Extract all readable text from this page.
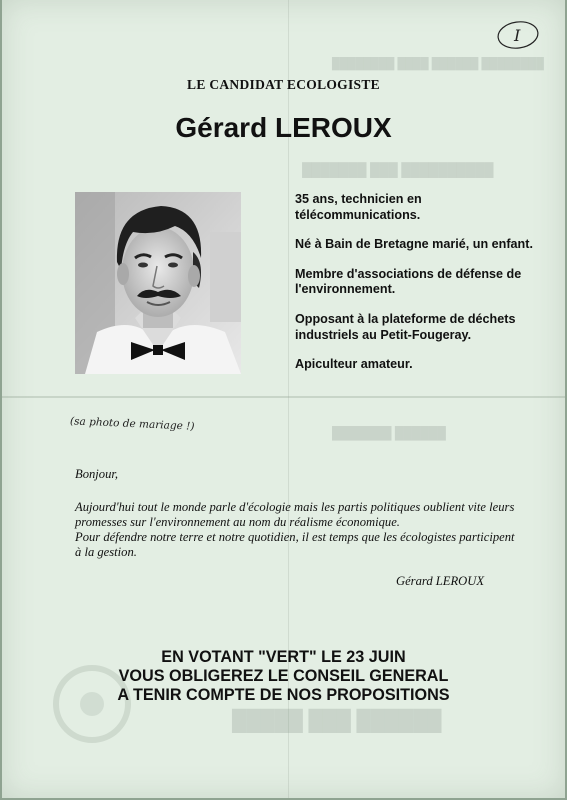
████████ ██████ ████ ████████
██████████ ███ ███████
██████ ███████
██████ ███ █████
I
LE CANDIDAT ECOLOGISTE
Gérard LEROUX

35 ans, technicien en télécommunications.

Né à Bain de Bretagne marié, un enfant.

Membre d'associations de défense de l'environnement.

Opposant à la plateforme de déchets industriels au Petit-Fougeray.

Apiculteur amateur.

(sa photo de mariage !)
Bonjour,

Aujourd'hui tout le monde parle d'écologie mais les partis politiques oublient vite leurs promesses sur l'environnement au nom du réalisme économique.

Pour défendre notre terre et notre quotidien, il est temps que les écologistes participent à la gestion.

Gérard LEROUX
EN VOTANT "VERT" LE 23 JUIN
VOUS OBLIGEREZ LE CONSEIL GENERAL
A TENIR COMPTE DE NOS PROPOSITIONS
